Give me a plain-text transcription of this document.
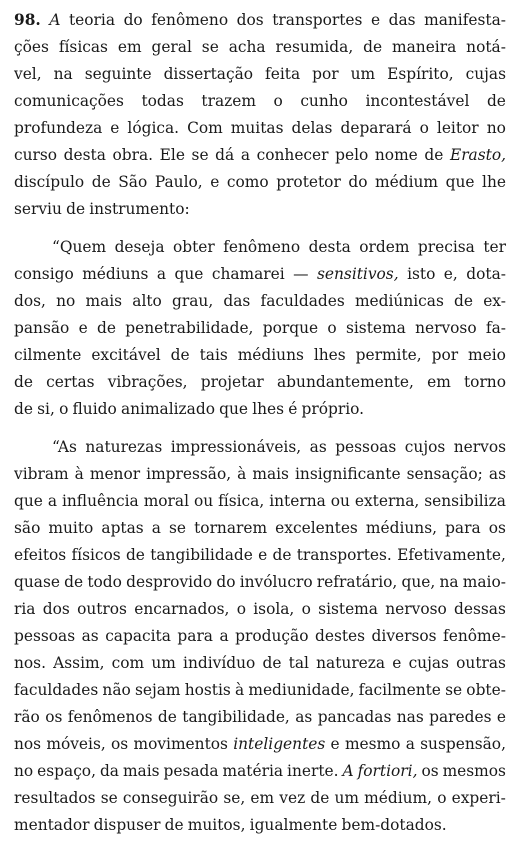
98. A teoria do fenômeno dos transportes e das manifesta-
ções físicas em geral se acha resumida, de maneira notá-
vel, na seguinte dissertação feita por um Espírito, cujas
comunicações todas trazem o cunho incontestável de
profundeza e lógica. Com muitas delas deparará o leitor no
curso desta obra. Ele se dá a conhecer pelo nome de Erasto,
discípulo de São Paulo, e como protetor do médium que lhe
serviu de instrumento:
“Quem deseja obter fenômeno desta ordem precisa ter
consigo médiuns a que chamarei — sensitivos, isto e, dota-
dos, no mais alto grau, das faculdades mediúnicas de ex-
pansão e de penetrabilidade, porque o sistema nervoso fa-
cilmente excitável de tais médiuns lhes permite, por meio
de certas vibrações, projetar abundantemente, em torno
de si, o fluido animalizado que lhes é próprio.
“As naturezas impressionáveis, as pessoas cujos nervos
vibram à menor impressão, à mais insignificante sensação; as
que a influência moral ou física, interna ou externa, sensibiliza
são muito aptas a se tornarem excelentes médiuns, para os
efeitos físicos de tangibilidade e de transportes. Efetivamente,
quase de todo desprovido do invólucro refratário, que, na maio-
ria dos outros encarnados, o isola, o sistema nervoso dessas
pessoas as capacita para a produção destes diversos fenôme-
nos. Assim, com um indivíduo de tal natureza e cujas outras
faculdades não sejam hostis à mediunidade, facilmente se obte-
rão os fenômenos de tangibilidade, as pancadas nas paredes e
nos móveis, os movimentos inteligentes e mesmo a suspensão,
no espaço, da mais pesada matéria inerte. A fortiori, os mesmos
resultados se conseguirão se, em vez de um médium, o experi-
mentador dispuser de muitos, igualmente bem-dotados.
